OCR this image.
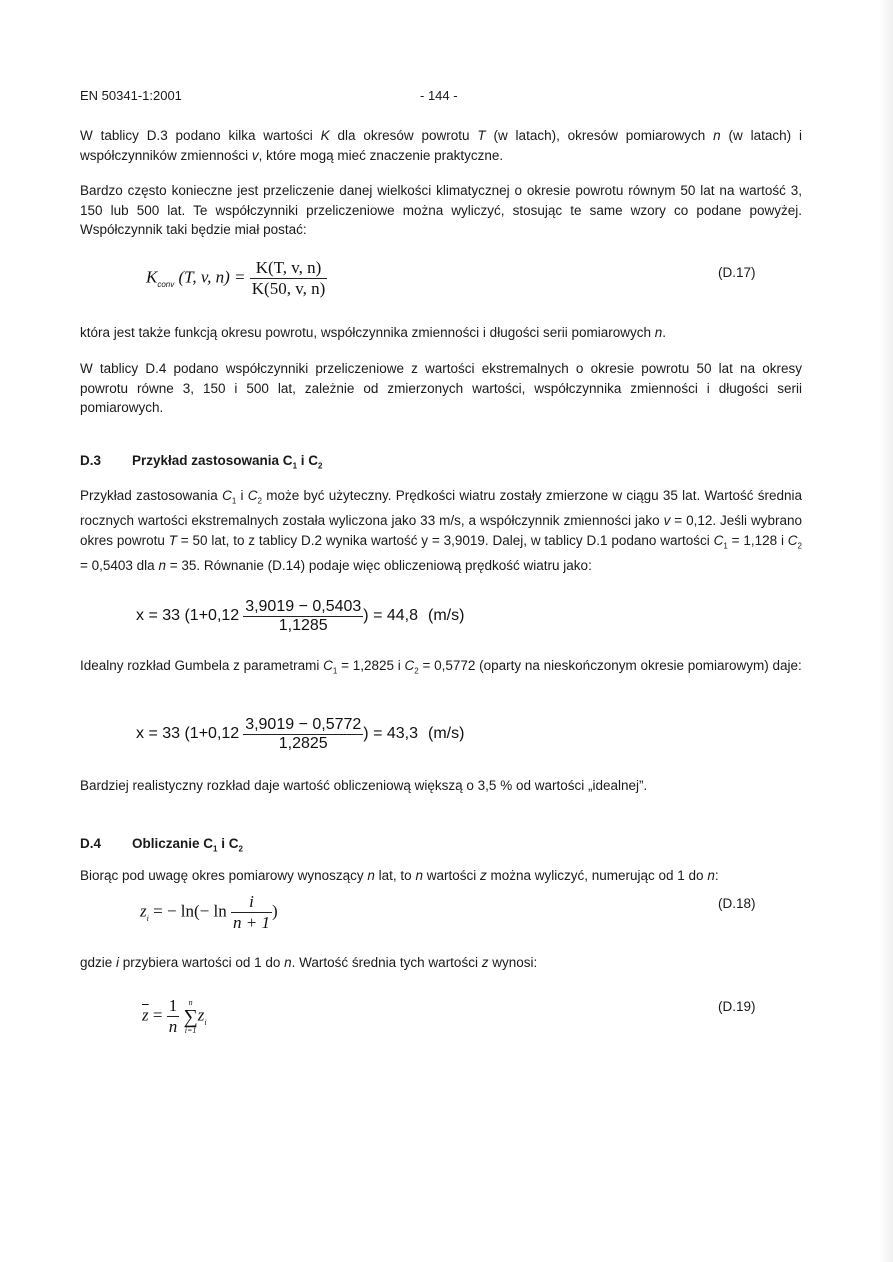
EN 50341-1:2001	- 144 -
W tablicy D.3 podano kilka wartości K dla okresów powrotu T (w latach), okresów pomiarowych n (w latach) i współczynników zmienności v, które mogą mieć znaczenie praktyczne.
Bardzo często konieczne jest przeliczenie danej wielkości klimatycznej o okresie powrotu równym 50 lat na wartość 3, 150 lub 500 lat. Te współczynniki przeliczeniowe można wyliczyć, stosując te same wzory co podane powyżej. Współczynnik taki będzie miał postać:
$K_{conv}$ (T, v, $n) = \frac{K(T, v, n)}{K(50, v, n)}$	(D.17)
która jest także funkcją okresu powrotu, współczynnika zmienności i długości serii pomiarowych n.
W tablicy D.4 podano współczynniki przeliczeniowe z wartości ekstremalnych o okresie powrotu 50 lat na okresy powrotu równe 3, 150 i 500 lat, zależnie od zmierzonych wartości, współczynnika zmienności i długości serii pomiarowych.
D.3 Przykład zastosowania $C_1$ i $C_2$
Przykład zastosowania $C_1$ i $C_2$ może być użyteczny. Prędkości wiatru zostały zmierzone w ciągu 35 lat. Wartość średnia rocznych wartości ekstremalnych została wyliczona jako 33 m/s, a współczynnik zmienności jako v = 0,12. Jeśli wybrano okres powrotu T = 50 lat, to z tablicy D.2 wynika wartość y = 3,9019. Dalej, w tablicy D.1 podano wartości $C_1 = 1,128$ i $C_2 = 0,5403$ dla n = 35. Równanie (D.14) podaje więc obliczeniową prędkość wiatru jako:
x = 33 ($1+0,12 \frac{3,9019 - 0,5403}{1,1285}$ ) = 44,8 (m/s)
Idealny rozkład Gumbela z parametrami $C_1 = 1,2825$ i $C_2 = 0,5772$ (oparty na nieskończonym okresie pomiarowym) daje:
x = 33 ($1+0,12 \frac{3,9019 - 0,5772}{1,2825}$ ) = 43,3 (m/s)
Bardziej realistyczny rozkład daje wartość obliczeniową większą o 3,5 % od wartości „idealnej”.
D.4 Obliczanie $C_1$ i $C_2$
Biorąc pod uwagę okres pomiarowy wynoszący n lat, to n wartości z można wyliczyć, numerując od 1 do n:
$z_i$ = − $\ln(- \ln \frac{i}{n + 1}$ )	(D.18)
gdzie i przybiera wartości od 1 do n. Wartość średnia tych wartości z wynosi:
$\overline{z} = \frac{1}{n}$
	n
∑
i=1
$z_i$
(D.19)
